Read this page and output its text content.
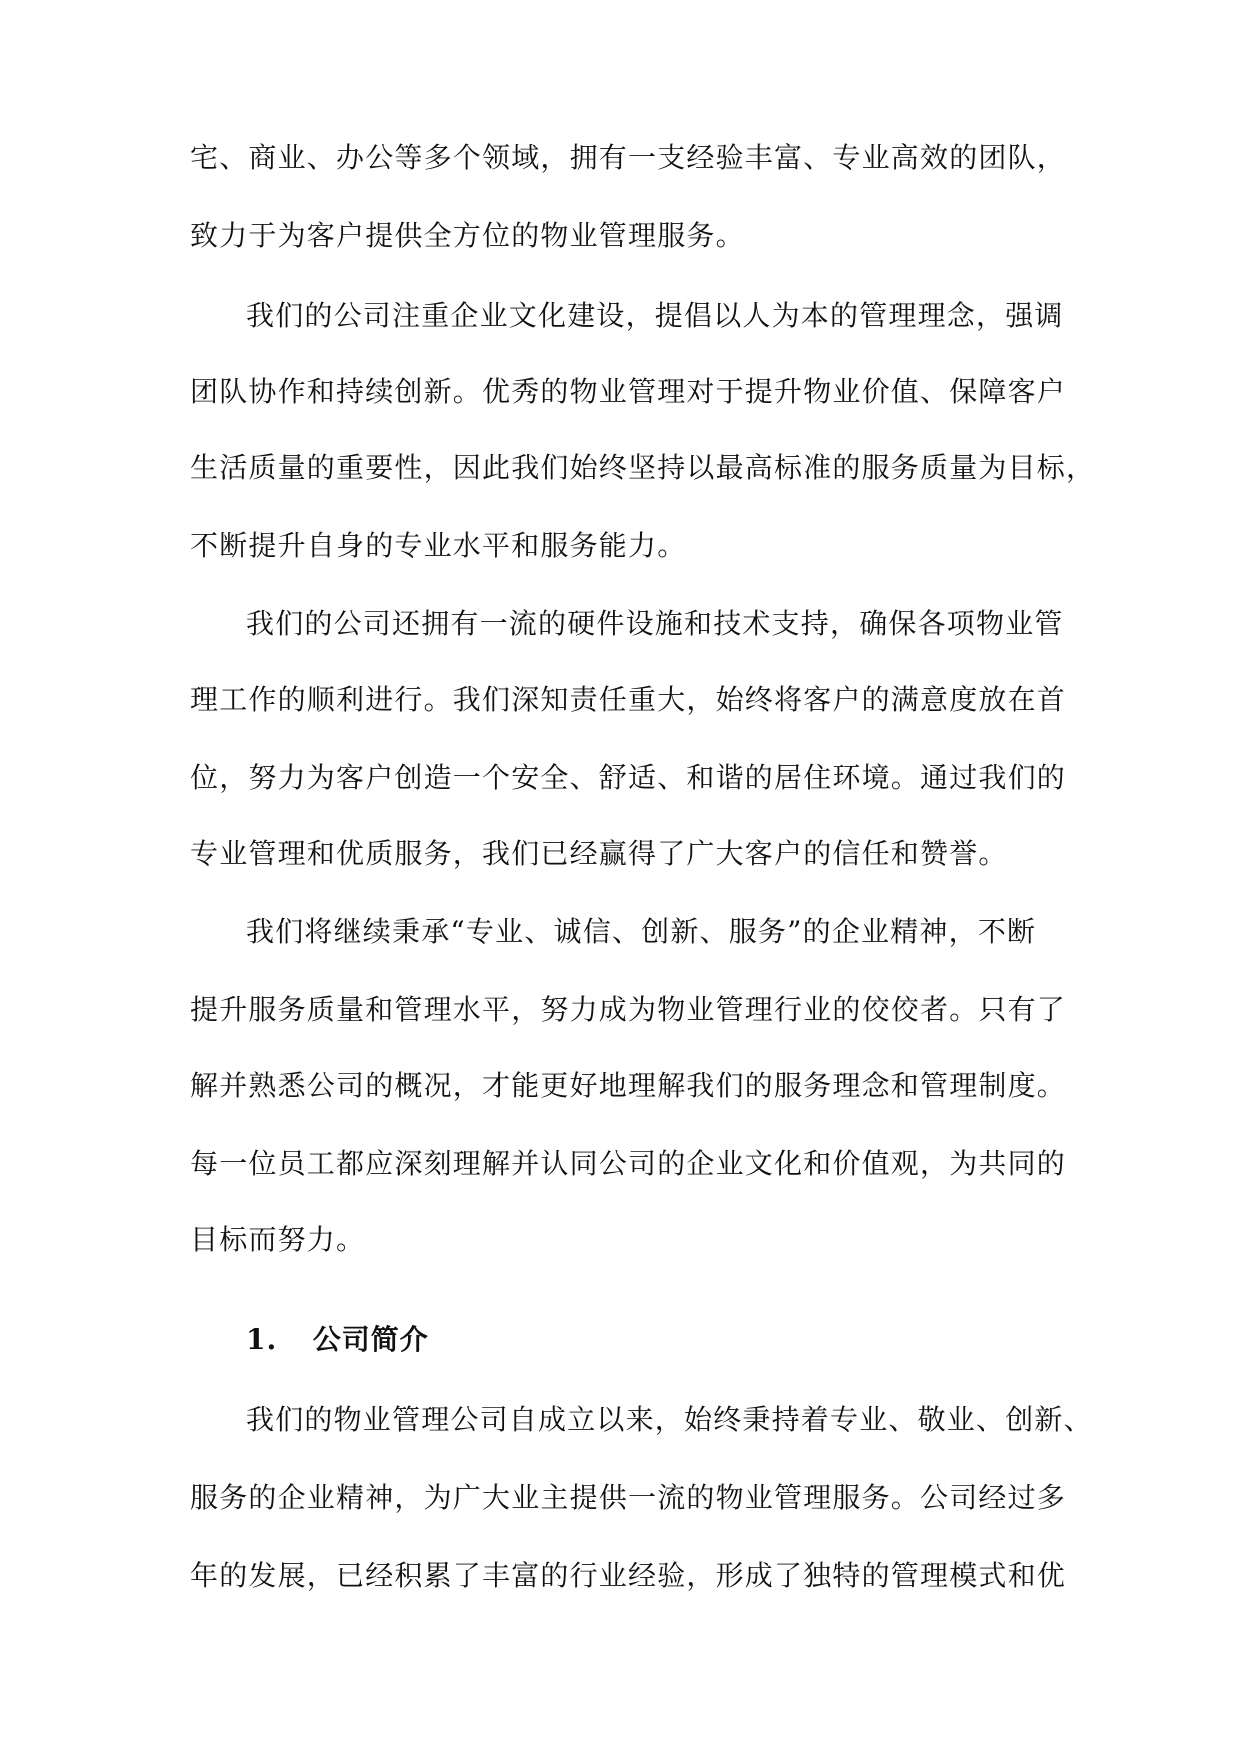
宅、商业、办公等多个领域，拥有一支经验丰富、专业高效的团队，
致力于为客户提供全方位的物业管理服务。
我们的公司注重企业文化建设，提倡以人为本的管理理念，强调
团队协作和持续创新。优秀的物业管理对于提升物业价值、保障客户
生活质量的重要性，因此我们始终坚持以最高标准的服务质量为目标，
不断提升自身的专业水平和服务能力。
我们的公司还拥有一流的硬件设施和技术支持，确保各项物业管
理工作的顺利进行。我们深知责任重大，始终将客户的满意度放在首
位，努力为客户创造一个安全、舒适、和谐的居住环境。通过我们的
专业管理和优质服务，我们已经赢得了广大客户的信任和赞誉。
我们将继续秉承“专业、诚信、创新、服务”的企业精神，不断
提升服务质量和管理水平，努力成为物业管理行业的佼佼者。只有了
解并熟悉公司的概况，才能更好地理解我们的服务理念和管理制度。
每一位员工都应深刻理解并认同公司的企业文化和价值观，为共同的
目标而努力。
1. 公司简介
我们的物业管理公司自成立以来，始终秉持着专业、敬业、创新、
服务的企业精神，为广大业主提供一流的物业管理服务。公司经过多
年的发展，已经积累了丰富的行业经验，形成了独特的管理模式和优
